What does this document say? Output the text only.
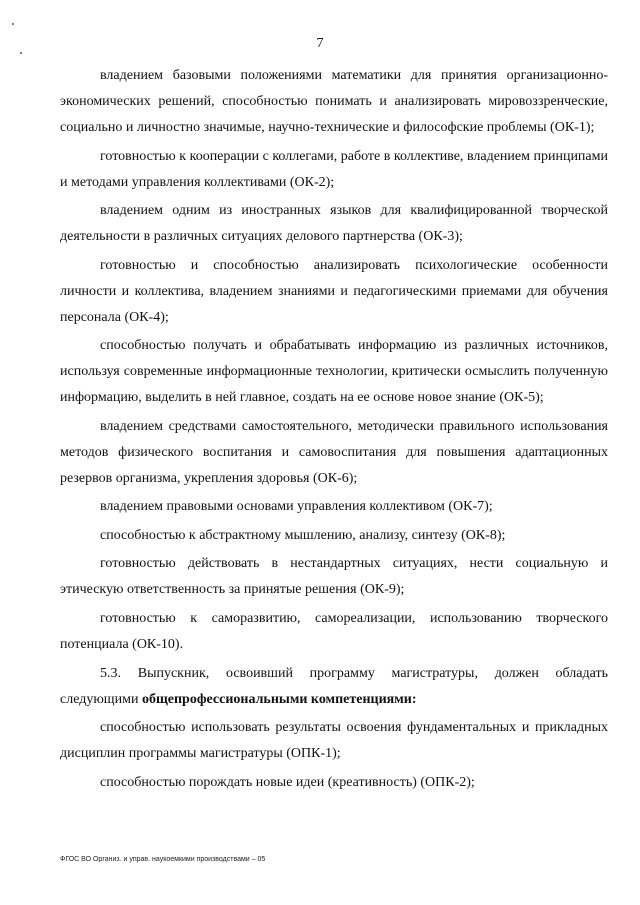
7

владением базовыми положениями математики для принятия организационно-экономических решений, способностью понимать и анализировать мировоззренческие, социально и личностно значимые, научно-технические и философские проблемы (ОК-1);

готовностью к кооперации с коллегами, работе в коллективе, владением принципами и методами управления коллективами (ОК-2);

владением одним из иностранных языков для квалифицированной творческой деятельности в различных ситуациях делового партнерства (ОК-3);

готовностью и способностью анализировать психологические особенности личности и коллектива, владением знаниями и педагогическими приемами для обучения персонала (ОК-4);

способностью получать и обрабатывать информацию из различных источников, используя современные информационные технологии, критически осмыслить полученную информацию, выделить в ней главное, создать на ее основе новое знание (ОК-5);

владением средствами самостоятельного, методически правильного использования методов физического воспитания и самовоспитания для повышения адаптационных резервов организма, укрепления здоровья (ОК-6);

владением правовыми основами управления коллективом (ОК-7);

способностью к абстрактному мышлению, анализу, синтезу (ОК-8);

готовностью действовать в нестандартных ситуациях, нести социальную и этическую ответственность за принятые решения (ОК-9);

готовностью к саморазвитию, самореализации, использованию творческого потенциала (ОК-10).

5.3. Выпускник, освоивший программу магистратуры, должен обладать следующими общепрофессиональными компетенциями:

способностью использовать результаты освоения фундаментальных и прикладных дисциплин программы магистратуры (ОПК-1);

способностью порождать новые идеи (креативность) (ОПК-2);

ФГОС ВО Организ. и управ. наукоемкими производствами – 05
